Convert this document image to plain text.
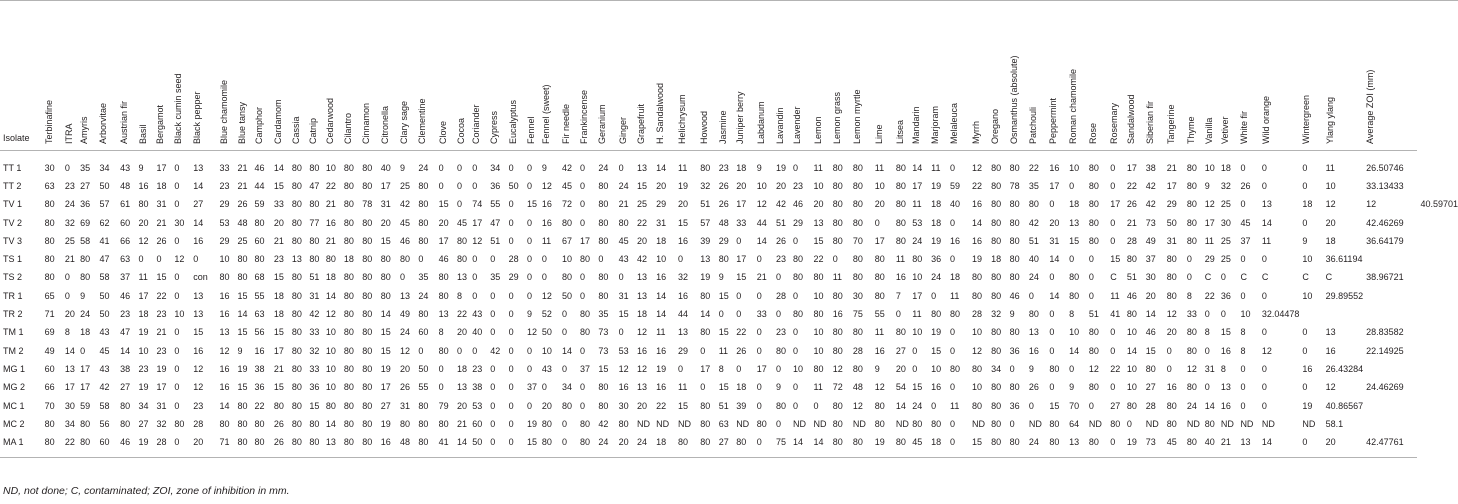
Isolate	Terbinafine	ITRA	Amyris	Arborvitae	Austrian fir	Basil	Bergamot	Black cumin seed	Black pepper	Blue chamomile	Blue tansy	Camphor	Cardamom	Cassia	Catnip	Cedarwood	Cilantro	Cinnamon	Citronella	Clary sage	Clementine	Clove	Cocoa	Coriander	Cypress	Eucalyptus	Fennel	Fennel (sweet)	Fir needle	Frankincense	Geranium	Ginger	Grapefruit	H. Sandalwood	Helichrysum	Howood	Jasmine	Juniper berry	Labdanum	Lavandin	Lavender	Lemon	Lemon grass	Lemon myrtle	Lime	Litsea	Mandarin	Marjoram	Melaleuca	Myrrh	Oregano	Osmanthus (absolute)	Patchouli	Peppermint	Roman chamomile	Rose	Rosemary	Sandalwood	Siberian fir	Tangerine	Thyme	Vanilla	Vetiver	White fir	Wild orange	Wintergreen	Ylang ylang	Average ZOI (mm)

TT 1	30	0	35	34	43	9	17	0	13	33	21	46	14	80	80	10	80	80	40	9	24	0	0	0	34	0	0	9	42	0	24	0	13	14	11	80	23	18	9	19	0	11	80	80	11	80	14	11	0	12	80	80	22	16	10	80	0	17	38	21	80	10	18	0	0	0	11	26.50746
TT 2	63	23	27	50	48	16	18	0	14	23	21	44	15	80	47	22	80	80	17	25	80	0	0	0	36	50	0	12	45	0	80	24	15	20	19	32	26	20	10	20	23	10	80	80	10	80	17	19	59	22	80	78	35	17	0	80	0	22	42	17	80	9	32	26	0	0	10	33.13433
TV 1	80	24	36	57	61	80	31	0	27	29	26	59	33	80	80	21	80	78	31	42	80	15	0	74	55	0	15	16	72	0	80	21	25	29	20	51	26	17	12	42	46	20	80	80	20	80	11	18	40	16	80	80	80	0	18	80	17	26	42	29	80	12	25	0	13	18	12	12	40.59701
TV 2	80	32	69	62	60	20	21	30	14	53	48	80	20	80	77	16	80	80	20	45	80	20	45	17	47	0	0	16	80	0	80	80	22	31	15	57	48	33	44	51	29	13	80	80	0	80	53	18	0	14	80	80	42	20	13	80	0	21	73	50	80	17	30	45	14	0	20	42.46269
TV 3	80	25	58	41	66	12	26	0	16	29	25	60	21	80	80	21	80	80	15	46	80	17	80	12	51	0	0	11	67	17	80	45	20	18	16	39	29	0	14	26	0	15	80	70	17	80	24	19	16	16	80	80	51	31	15	80	0	28	49	31	80	11	25	37	11	9	18	36.64179
TS 1	80	21	80	47	63	0	0	12	0	10	80	80	23	13	80	80	18	80	80	80	0	46	80	0	0	28	0	0	10	80	0	43	42	10	0	13	80	17	0	23	80	22	0	80	80	11	80	36	0	19	18	80	40	14	0	0	15	80	37	80	0	29	25	0	0	10	36.61194
TS 2	80	0	80	58	37	11	15	0	con	80	80	68	15	80	51	18	80	80	80	0	35	80	13	0	35	29	0	0	80	0	80	0	13	16	32	19	9	15	21	0	80	80	11	80	80	16	10	24	18	80	80	80	24	0	80	0	C	51	30	80	0	C	0	C	C	C	C	38.96721
TR 1	65	0	9	50	46	17	22	0	13	16	15	55	18	80	31	14	80	80	80	13	24	80	8	0	0	0	0	12	50	0	80	31	13	14	16	80	15	0	0	28	0	10	80	30	80	7	17	0	11	80	80	46	0	14	80	0	11	46	20	80	8	22	36	0	0	10	29.89552
TR 2	71	20	24	50	23	18	23	10	13	16	14	63	18	80	42	12	80	80	14	49	80	13	22	43	0	0	9	52	0	80	35	15	18	14	44	14	0	0	33	0	80	80	16	75	55	0	11	80	80	28	32	9	80	0	8	51	41	80	14	12	33	0	0	10	32.04478
TM 1	69	8	18	43	47	19	21	0	15	13	15	56	15	80	33	10	80	80	15	24	60	8	20	40	0	0	12	50	0	80	73	0	12	11	13	80	15	22	0	23	0	10	80	80	11	80	10	19	0	10	80	80	13	0	10	80	0	10	46	20	80	8	15	8	0	0	13	28.83582
TM 2	49	14	0	45	14	10	23	0	16	12	9	16	17	80	32	10	80	80	15	12	0	80	0	0	42	0	0	10	14	0	73	53	16	16	29	0	11	26	0	80	0	10	80	28	16	27	0	15	0	12	80	36	16	0	14	80	0	14	15	0	80	0	16	8	12	0	16	22.14925
MG 1	60	13	17	43	38	23	19	0	12	16	19	38	21	80	33	10	80	80	19	20	50	0	18	23	0	0	0	43	0	37	15	12	12	19	0	17	8	0	17	0	10	80	12	80	9	20	0	10	80	80	34	0	9	80	0	12	22	10	80	0	12	31	8	0	0	16	26.43284
MG 2	66	17	17	42	27	19	17	0	12	16	15	36	15	80	36	10	80	80	17	26	55	0	13	38	0	0	37	0	34	0	80	16	13	16	11	0	15	18	0	9	0	11	72	48	12	54	15	16	0	10	80	80	26	0	9	80	0	10	27	16	80	0	13	0	0	0	12	24.46269
MC 1	70	30	59	58	80	34	31	0	23	14	80	22	80	80	15	80	80	80	27	31	80	79	20	53	0	0	0	20	80	0	80	30	20	22	15	80	51	39	0	80	0	0	80	12	80	14	24	0	11	80	80	36	0	15	70	0	27	80	28	80	24	14	16	0	0	19	40.86567
MC 2	80	34	80	56	80	27	32	80	28	80	80	80	26	80	80	14	80	80	19	80	80	80	21	60	0	0	19	80	0	80	42	80	ND	ND	ND	80	63	ND	80	0	ND	ND	80	ND	80	ND	80	80	0	ND	80	0	ND	80	64	ND	80	0	ND	80	ND	80	ND	ND	ND	ND	58.1
MA 1	80	22	80	60	46	19	28	0	20	71	80	80	26	80	80	13	80	80	16	48	80	41	14	50	0	0	15	80	0	80	24	20	24	18	80	80	27	80	0	75	14	14	80	80	19	80	45	18	0	15	80	80	24	80	13	80	0	19	73	45	80	40	21	13	14	0	20	42.47761

ND, not done; C, contaminated; ZOI, zone of inhibition in mm.
